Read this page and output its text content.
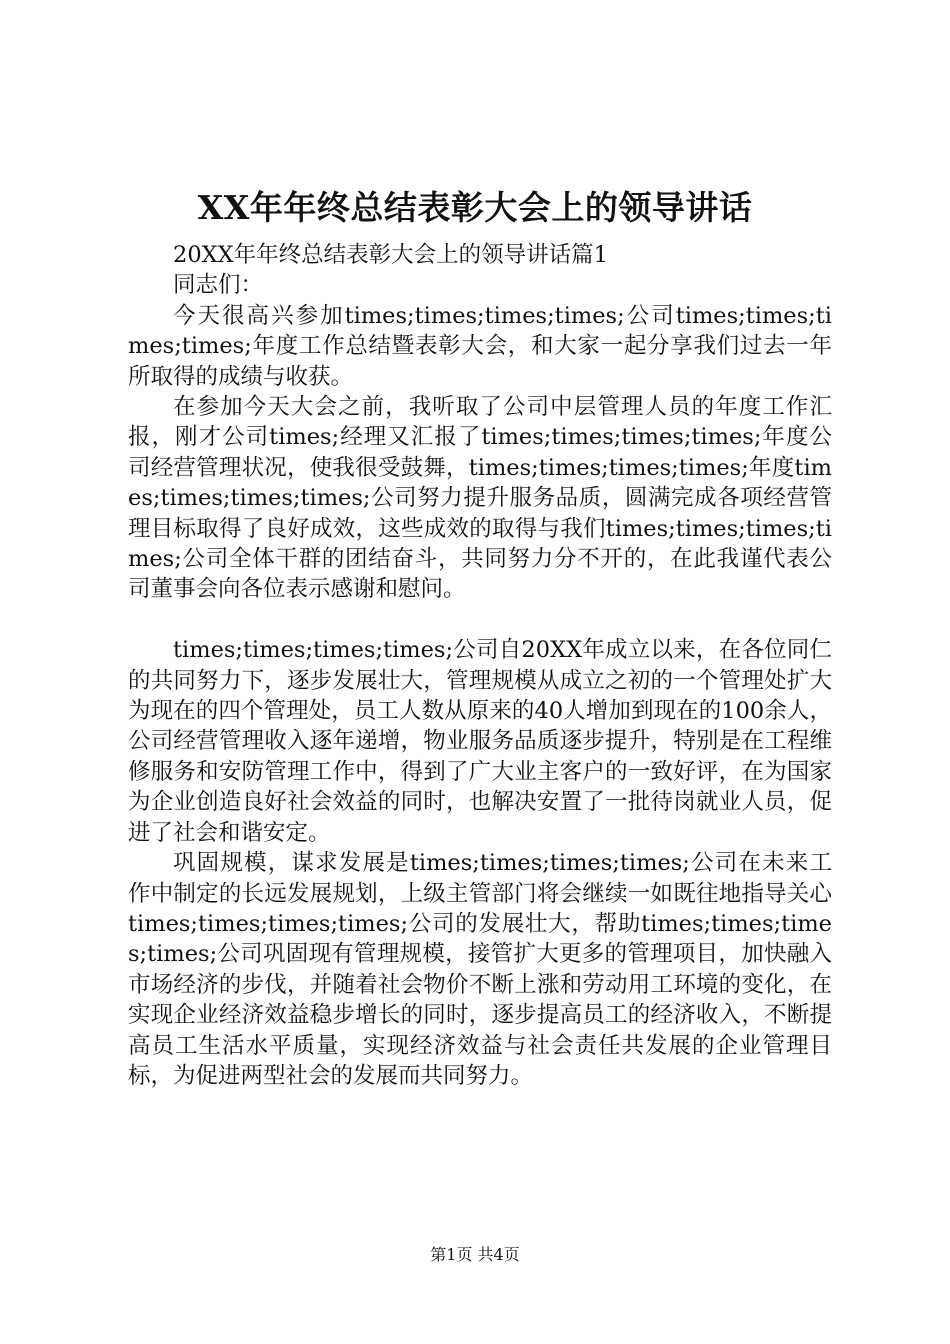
XX年年终总结表彰大会上的领导讲话

20XX年年终总结表彰大会上的领导讲话篇1

同志们：

今天很高兴参加times;times;times;times;公司times;times;times;times;年度工作总结暨表彰大会，和大家一起分享我们过去一年所取得的成绩与收获。

在参加今天大会之前，我听取了公司中层管理人员的年度工作汇报，刚才公司times;经理又汇报了times;times;times;times;年度公司经营管理状况，使我很受鼓舞，times;times;times;times;年度times;times;times;times;公司努力提升服务品质，圆满完成各项经营管理目标取得了良好成效，这些成效的取得与我们times;times;times;times;公司全体干群的团结奋斗，共同努力分不开的，在此我谨代表公司董事会向各位表示感谢和慰问。

times;times;times;times;公司自20XX年成立以来，在各位同仁的共同努力下，逐步发展壮大，管理规模从成立之初的一个管理处扩大为现在的四个管理处，员工人数从原来的40人增加到现在的100余人，公司经营管理收入逐年递增，物业服务品质逐步提升，特别是在工程维修服务和安防管理工作中，得到了广大业主客户的一致好评，在为国家为企业创造良好社会效益的同时，也解决安置了一批待岗就业人员，促进了社会和谐安定。

巩固规模，谋求发展是times;times;times;times;公司在未来工作中制定的长远发展规划，上级主管部门将会继续一如既往地指导关心times;times;times;times;公司的发展壮大，帮助times;times;times;times;公司巩固现有管理规模，接管扩大更多的管理项目，加快融入市场经济的步伐，并随着社会物价不断上涨和劳动用工环境的变化，在实现企业经济效益稳步增长的同时，逐步提高员工的经济收入，不断提高员工生活水平质量，实现经济效益与社会责任共发展的企业管理目标，为促进两型社会的发展而共同努力。

第1页 共4页
